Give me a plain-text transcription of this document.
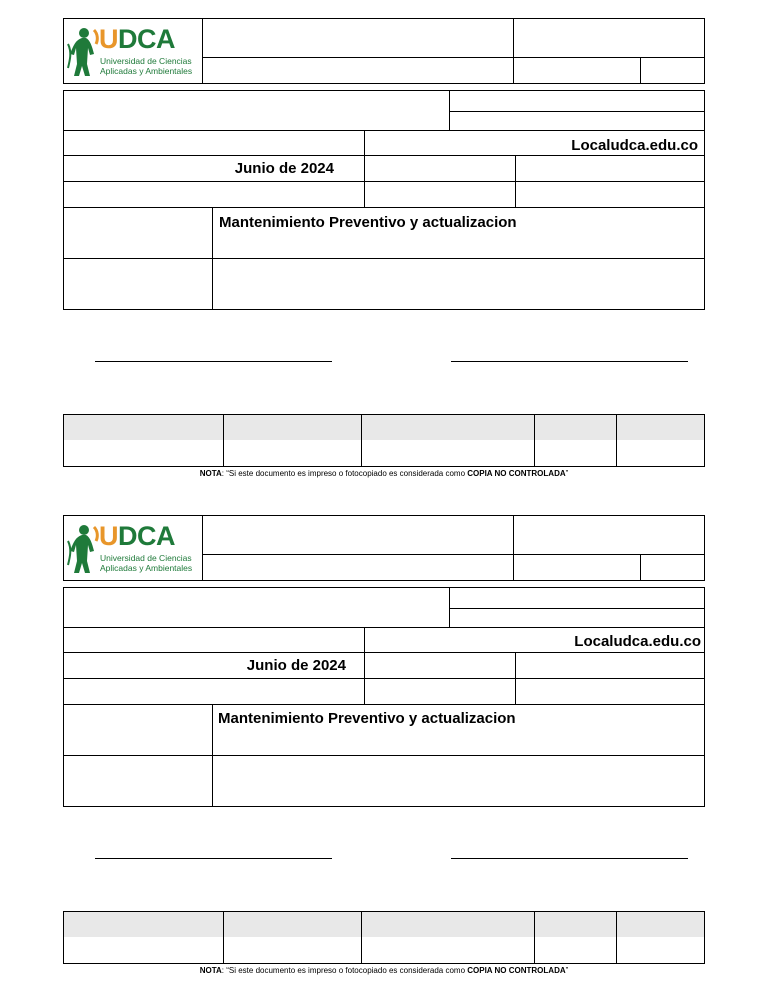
U DCA
Universidad de Ciencias
Aplicadas y Ambientales
Localudca.edu.co
Junio de 2024
Mantenimiento Preventivo y actualizacion
NOTA: “Si este documento es impreso o fotocopiado es considerada como COPIA NO CONTROLADA”
U DCA
Universidad de Ciencias
Aplicadas y Ambientales
Localudca.edu.co
Junio de 2024
Mantenimiento Preventivo y actualizacion
NOTA: “Si este documento es impreso o fotocopiado es considerada como COPIA NO CONTROLADA”
